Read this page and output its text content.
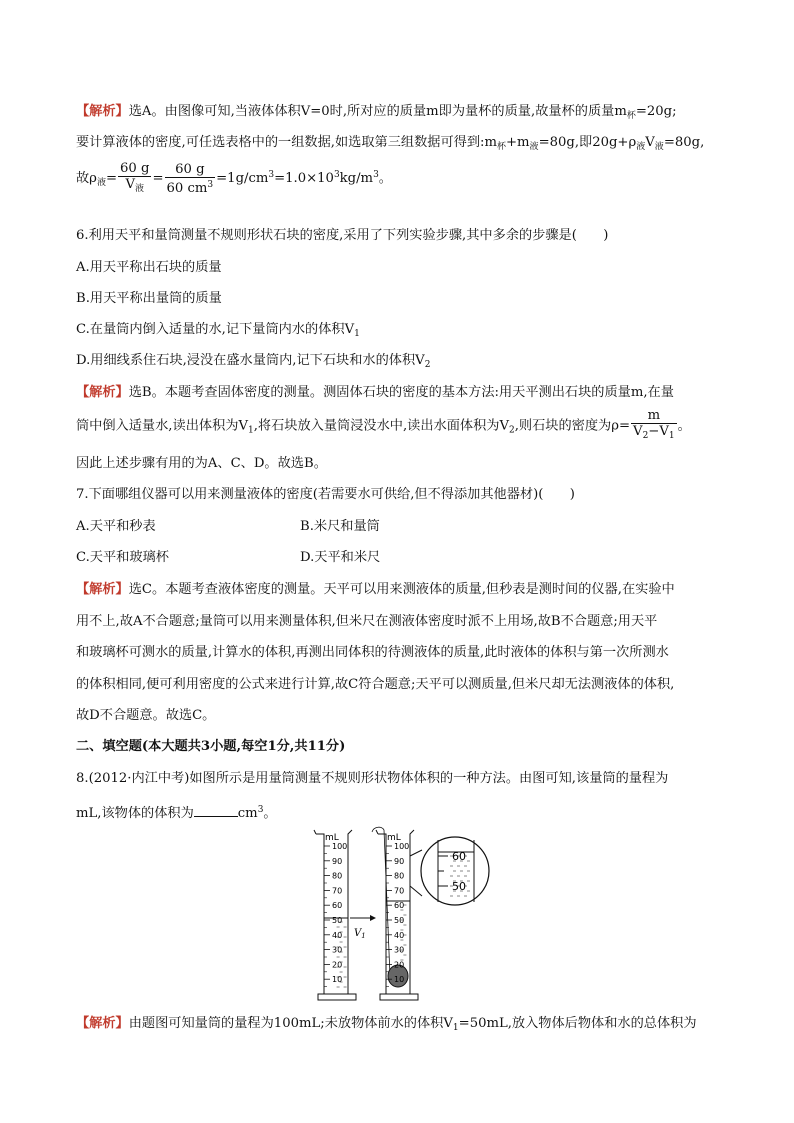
【解析】选A。由图像可知,当液体体积V=0时,所对应的质量m即为量杯的质量,故量杯的质量$m_杯=20g$;
要计算液体的密度,可任选表格中的一组数据,如选取第三组数据可得到$:m_杯+m_液=80g$,即$20g+\rho_液V_液=80g$,
故$\rho_液= \frac{60 g}{V_液} = \frac{60 g}{60 cm^3} =1g/cm^3=1.0\times 10^3kg/m^3$。
6.利用天平和量筒测量不规则形状石块的密度,采用了下列实验步骤,其中多余的步骤是(　　)
A.用天平称出石块的质量
B.用天平称出量筒的质量
C.在量筒内倒入适量的水,记下量筒内水的体积$V_1$
D.用细线系住石块,浸没在盛水量筒内,记下石块和水的体积$V_2$
【解析】选B。本题考查固体密度的测量。测固体石块的密度的基本方法:用天平测出石块的质量m,在量
筒中倒入适量水,读出体积为$V_1$,将石块放入量筒浸没水中,读出水面体积为$V_2$,则石块的密度为$\rho= \frac{m}{V_2-V_1}$ 。
因此上述步骤有用的为A、C、D。故选B。
7.下面哪组仪器可以用来测量液体的密度(若需要水可供给,但不得添加其他器材)(　　)
A.天平和秒表	B.米尺和量筒
C.天平和玻璃杯	D.天平和米尺
【解析】选C。本题考查液体密度的测量。天平可以用来测液体的质量,但秒表是测时间的仪器,在实验中
用不上,故A不合题意;量筒可以用来测量体积,但米尺在测液体密度时派不上用场,故B不合题意;用天平
和玻璃杯可测水的质量,计算水的体积,再测出同体积的待测液体的质量,此时液体的体积与第一次所测水
的体积相同,便可利用密度的公式来进行计算,故C符合题意;天平可以测质量,但米尺却无法测液体的体积,
故D不合题意。故选C。
二、填空题(本大题共3小题,每空1分,共11分)
8.(2012·内江中考)如图所示是用量筒测量不规则形状物体体积的一种方法。由图可知,该量筒的量程为
mL,该物体的体积为	$cm^3$。
mL	mL
$V_1$
60
50
100
90
80
70
60
50
40
30
20
10
100
90
80
70
60
50
40
30
20
10
【解析】由题图可知量筒的量程为100mL;未放物体前水的体积$V_1=50mL$,放入物体后物体和水的总体积为
